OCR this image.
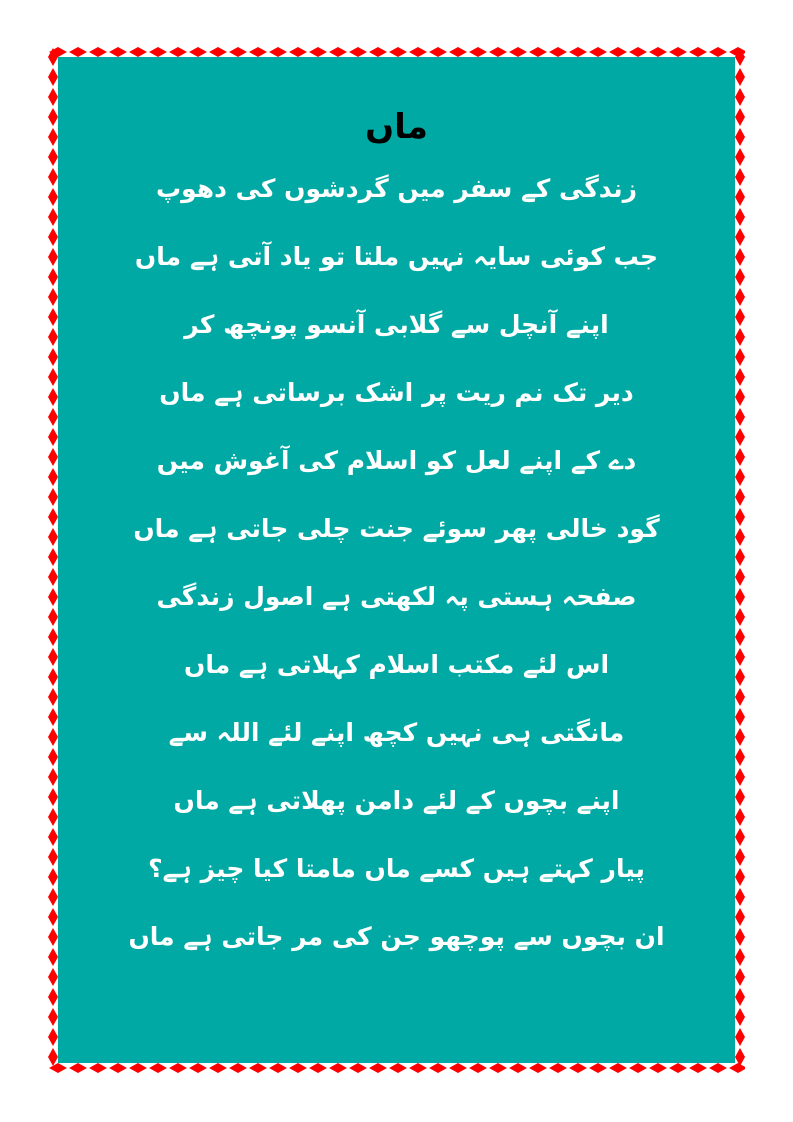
ماں
زندگی کے سفر میں گردشوں کی دھوپ
جب کوئی سایہ نہیں ملتا تو یاد آتی ہے ماں
اپنے آنچل سے گلابی آنسو پونچھ کر
دیر تک نم ریت پر اشک برساتی ہے ماں
دے کے اپنے لعل کو اسلام کی آغوش میں
گود خالی پھر سوئے جنت چلی جاتی ہے ماں
صفحہ ہستی پہ لکھتی ہے اصول زندگی
اس لئے مکتب اسلام کہلاتی ہے ماں
مانگتی ہی نہیں کچھ اپنے لئے اللہ سے
اپنے بچوں کے لئے دامن پھلاتی ہے ماں
پیار کہتے ہیں کسے ماں مامتا کیا چیز ہے؟
ان بچوں سے پوچھو جن کی مر جاتی ہے ماں
